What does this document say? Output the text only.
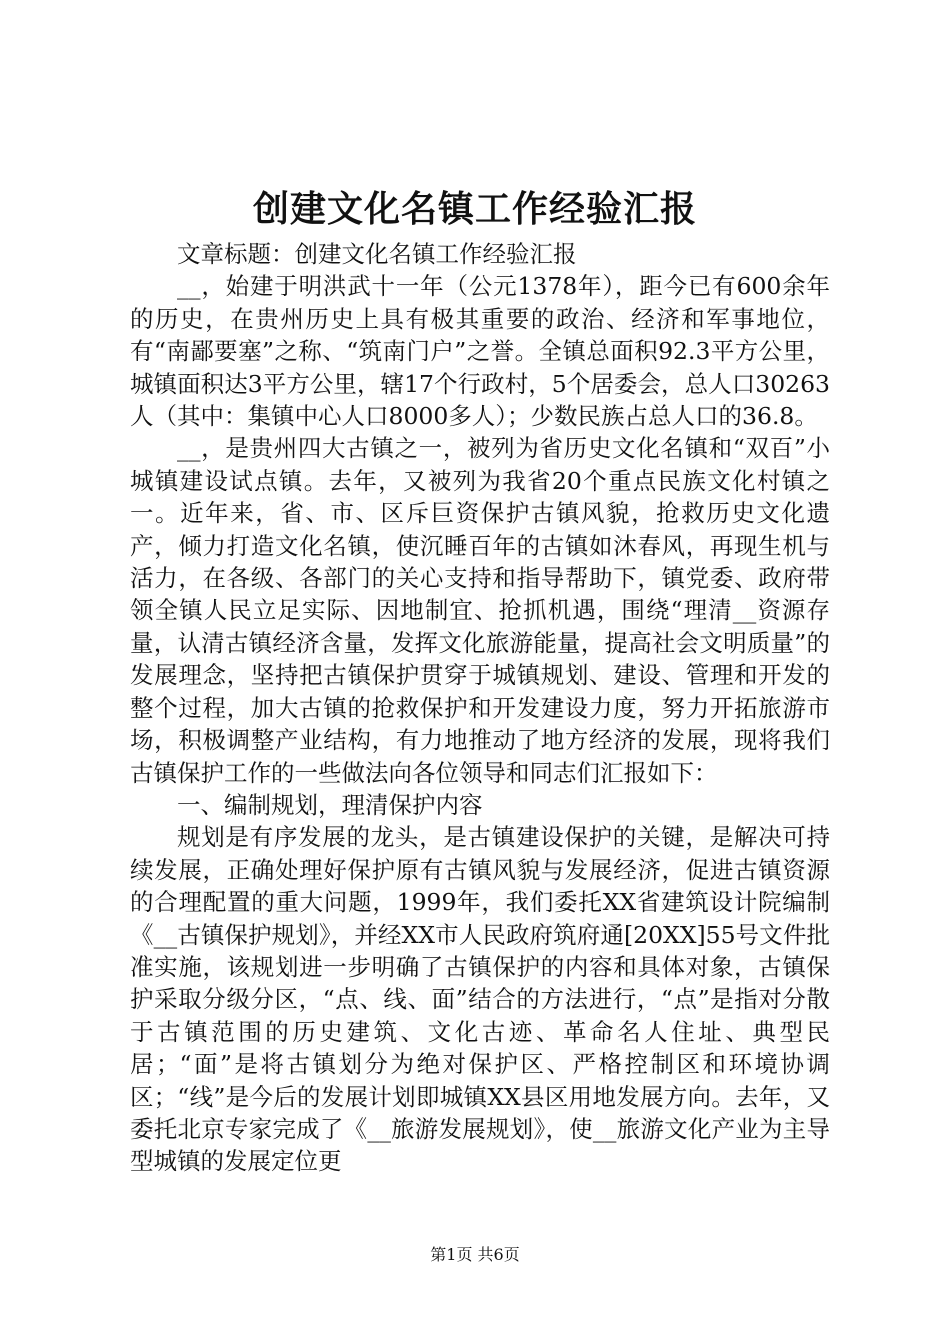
创建文化名镇工作经验汇报

文章标题：创建文化名镇工作经验汇报

__，始建于明洪武十一年（公元1378年），距今已有600余年的历史，在贵州历史上具有极其重要的政治、经济和军事地位，有“南鄙要塞”之称、“筑南门户”之誉。全镇总面积92.3平方公里，城镇面积达3平方公里，辖17个行政村，5个居委会，总人口30263人（其中：集镇中心人口8000多人）；少数民族占总人口的36.8。

__，是贵州四大古镇之一，被列为省历史文化名镇和“双百”小城镇建设试点镇。去年，又被列为我省20个重点民族文化村镇之一。近年来，省、市、区斥巨资保护古镇风貌，抢救历史文化遗产，倾力打造文化名镇，使沉睡百年的古镇如沐春风，再现生机与活力，在各级、各部门的关心支持和指导帮助下，镇党委、政府带领全镇人民立足实际、因地制宜、抢抓机遇，围绕“理清__资源存量，认清古镇经济含量，发挥文化旅游能量，提高社会文明质量”的发展理念，坚持把古镇保护贯穿于城镇规划、建设、管理和开发的整个过程，加大古镇的抢救保护和开发建设力度，努力开拓旅游市场，积极调整产业结构，有力地推动了地方经济的发展，现将我们古镇保护工作的一些做法向各位领导和同志们汇报如下：

一、编制规划，理清保护内容

规划是有序发展的龙头，是古镇建设保护的关键，是解决可持续发展，正确处理好保护原有古镇风貌与发展经济，促进古镇资源的合理配置的重大问题，1999年，我们委托XX省建筑设计院编制《__古镇保护规划》，并经XX市人民政府筑府通[20XX]55号文件批准实施，该规划进一步明确了古镇保护的内容和具体对象，古镇保护采取分级分区，“点、线、面”结合的方法进行，“点”是指对分散于古镇范围的历史建筑、文化古迹、革命名人住址、典型民居；“面”是将古镇划分为绝对保护区、严格控制区和环境协调区；“线”是今后的发展计划即城镇XX县区用地发展方向。去年，又委托北京专家完成了《__旅游发展规划》，使__旅游文化产业为主导型城镇的发展定位更

第1页 共6页
